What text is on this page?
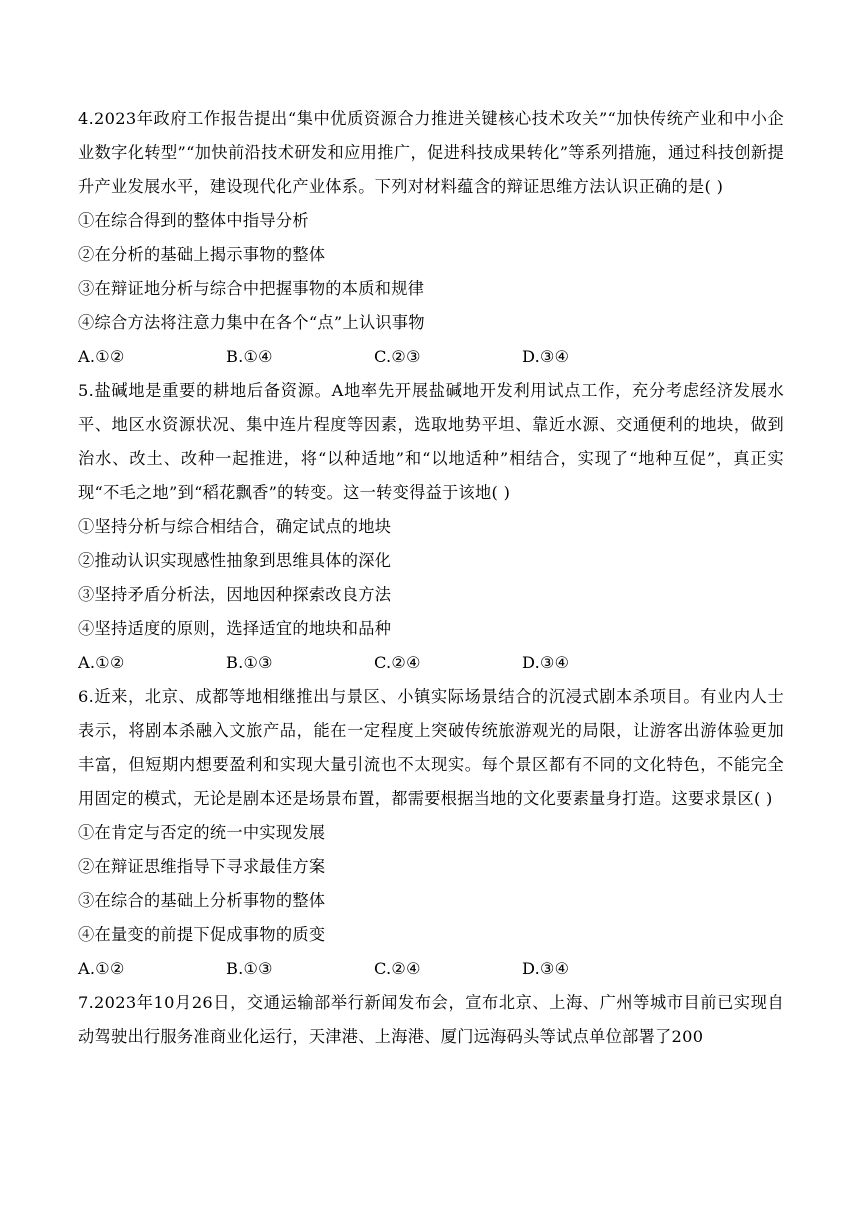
4.2023年政府工作报告提出“集中优质资源合力推进关键核心技术攻关”“加快传统产业和中小企业数字化转型”“加快前沿技术研发和应用推广，促进科技成果转化”等系列措施，通过科技创新提升产业发展水平，建设现代化产业体系。下列对材料蕴含的辩证思维方法认识正确的是( )
①在综合得到的整体中指导分析
②在分析的基础上揭示事物的整体
③在辩证地分析与综合中把握事物的本质和规律
④综合方法将注意力集中在各个“点”上认识事物
A.①②	B.①④	C.②③	D.③④
5.盐碱地是重要的耕地后备资源。A地率先开展盐碱地开发利用试点工作，充分考虑经济发展水平、地区水资源状况、集中连片程度等因素，选取地势平坦、靠近水源、交通便利的地块，做到治水、改土、改种一起推进，将“以种适地”和“以地适种”相结合，实现了“地种互促”，真正实现“不毛之地”到“稻花飘香”的转变。这一转变得益于该地( )
①坚持分析与综合相结合，确定试点的地块
②推动认识实现感性抽象到思维具体的深化
③坚持矛盾分析法，因地因种探索改良方法
④坚持适度的原则，选择适宜的地块和品种
A.①②	B.①③	C.②④	D.③④
6.近来，北京、成都等地相继推出与景区、小镇实际场景结合的沉浸式剧本杀项目。有业内人士表示，将剧本杀融入文旅产品，能在一定程度上突破传统旅游观光的局限，让游客出游体验更加丰富，但短期内想要盈利和实现大量引流也不太现实。每个景区都有不同的文化特色，不能完全用固定的模式，无论是剧本还是场景布置，都需要根据当地的文化要素量身打造。这要求景区( )
①在肯定与否定的统一中实现发展
②在辩证思维指导下寻求最佳方案
③在综合的基础上分析事物的整体
④在量变的前提下促成事物的质变
A.①②	B.①③	C.②④	D.③④
7.2023年10月26日，交通运输部举行新闻发布会，宣布北京、上海、广州等城市目前已实现自动驾驶出行服务准商业化运行，天津港、上海港、厦门远海码头等试点单位部署了200
